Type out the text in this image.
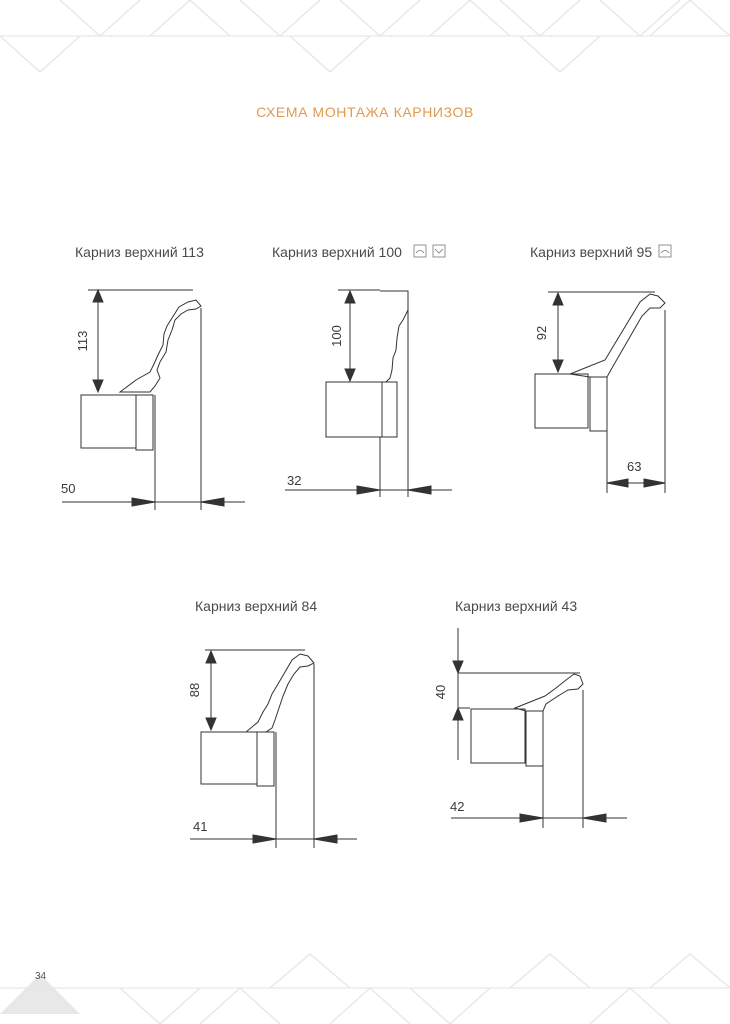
СХЕМА МОНТАЖА КАРНИЗОВ
Карниз верхний 113	Карниз верхний 100	Карниз верхний 95
Карниз верхний 84	Карниз верхний 43
113	100	92
88	40
50
32
63
41
42
34
